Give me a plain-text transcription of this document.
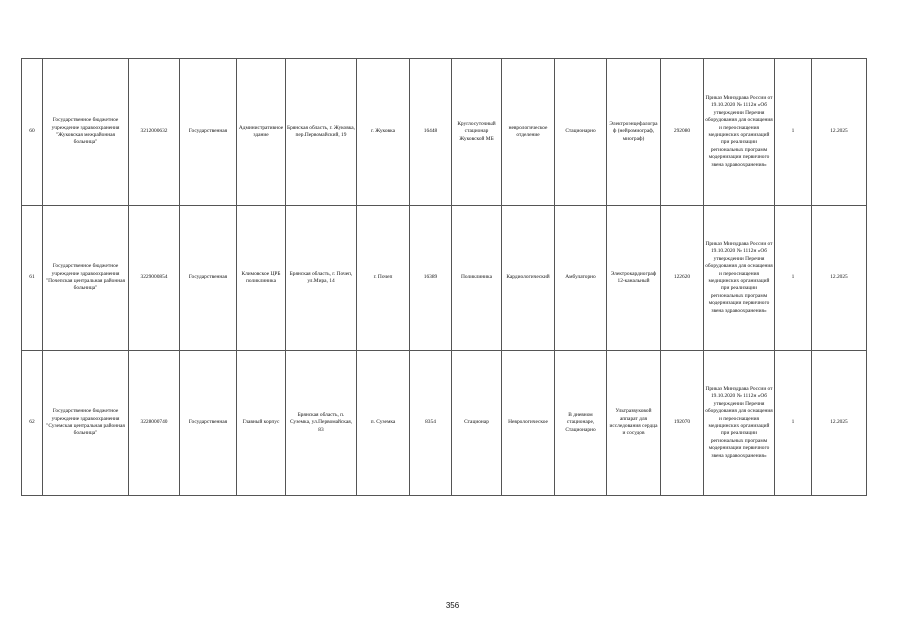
60	Государственное бюджетное учреждение здравоохранения "Жуковская межрайонная больница"	3212000632	Государственная	Административное здание	Брянская область, г. Жуковка, пер.Первомайский, 19	г. Жуковка	16448	Круглосуточный стационар Жуковской МБ	неврологическое отделение	Стационарно	Электроэнцефалограф (нейромиограф, миограф)	292080	Приказ Минздрава России от 19.10.2020 № 1112н «Об утверждении Перечня оборудования для оснащения и переоснащения медицинских организаций при реализации региональных программ модернизации первичного звена здравоохранения»	1	12.2025
61	Государственное бюджетное учреждение здравоохранения "Почепская центральная районная больница"	3229000854	Государственная	Климовское ЦРБ поликлиника	Брянская область, г. Почеп, ул.Мира, 14	г. Почеп	16389	Поликлиника	Кардиологический	Амбулаторно	Электрокардиограф 12-канальный	122620	Приказ Минздрава России от 19.10.2020 № 1112н «Об утверждении Перечня оборудования для оснащения и переоснащения медицинских организаций при реализации региональных программ модернизации первичного звена здравоохранения»	1	12.2025
62	Государственное бюджетное учреждение здравоохранения "Суземская центральная районная больница"	3228000740	Государственная	Главный корпус	Брянская область, п. Суземка, ул.Первомайская, 83	п. Суземка	8354	Стационар	Неврологическое	В дневном стационаре, Стационарно	Ультразвуковой аппарат для исследования сердца и сосудов	192070	Приказ Минздрава России от 19.10.2020 № 1112н «Об утверждении Перечня оборудования для оснащения и переоснащения медицинских организаций при реализации региональных программ модернизации первичного звена здравоохранения»	1	12.2025
356
